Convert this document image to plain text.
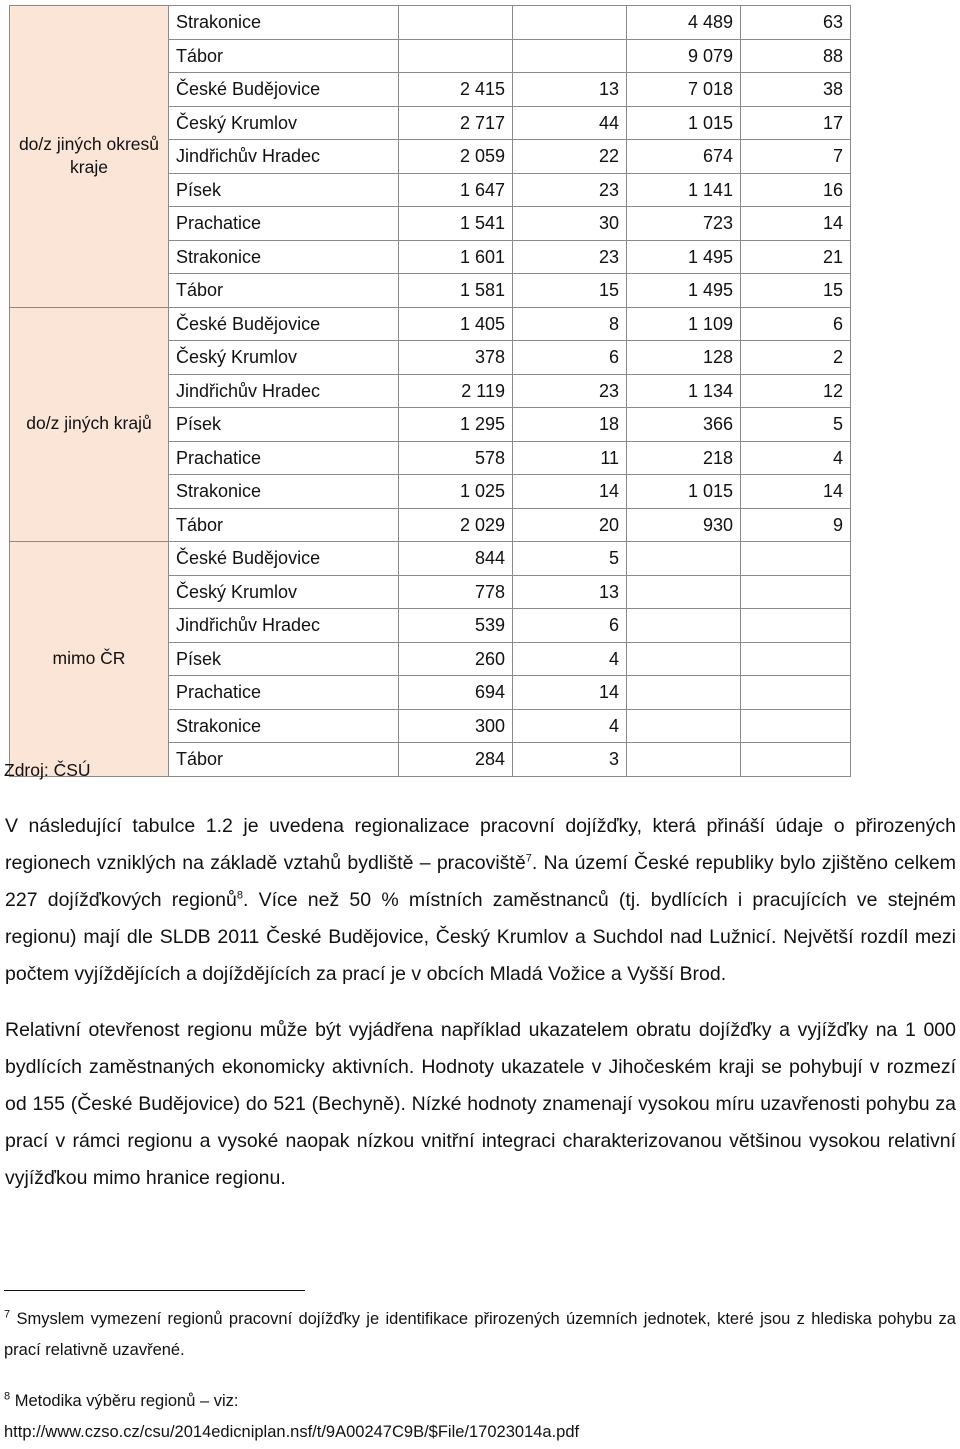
do/z jiných okresů kraje	Strakonice			4 489	63
	Tábor			9 079	88
	České Budějovice	2 415	13	7 018	38
	Český Krumlov	2 717	44	1 015	17
	Jindřichův Hradec	2 059	22	674	7
	Písek	1 647	23	1 141	16
	Prachatice	1 541	30	723	14
	Strakonice	1 601	23	1 495	21
	Tábor	1 581	15	1 495	15
do/z jiných krajů	České Budějovice	1 405	8	1 109	6
	Český Krumlov	378	6	128	2
	Jindřichův Hradec	2 119	23	1 134	12
	Písek	1 295	18	366	5
	Prachatice	578	11	218	4
	Strakonice	1 025	14	1 015	14
	Tábor	2 029	20	930	9
mimo ČR	České Budějovice	844	5		
	Český Krumlov	778	13		
	Jindřichův Hradec	539	6		
	Písek	260	4		
	Prachatice	694	14		
	Strakonice	300	4		
	Tábor	284	3		
Zdroj: ČSÚ
V následující tabulce 1.2 je uvedena regionalizace pracovní dojížďky, která přináší údaje o přirozených regionech vzniklých na základě vztahů bydliště – pracoviště$^7$. Na území České republiky bylo zjištěno celkem 227 dojížďkových regionů$^8$. Více než 50 % místních zaměstnanců (tj. bydlících i pracujících ve stejném regionu) mají dle SLDB 2011 České Budějovice, Český Krumlov a Suchdol nad Lužnicí. Největší rozdíl mezi počtem vyjíždějících a dojíždějících za prací je v obcích Mladá Vožice a Vyšší Brod.
Relativní otevřenost regionu může být vyjádřena například ukazatelem obratu dojížďky a vyjížďky na 1 000 bydlících zaměstnaných ekonomicky aktivních. Hodnoty ukazatele v Jihočeském kraji se pohybují v rozmezí od 155 (České Budějovice) do 521 (Bechyně). Nízké hodnoty znamenají vysokou míru uzavřenosti pohybu za prací v rámci regionu a vysoké naopak nízkou vnitřní integraci charakterizovanou většinou vysokou relativní vyjížďkou mimo hranice regionu.
$^7$ Smyslem vymezení regionů pracovní dojížďky je identifikace přirozených územních jednotek, které jsou z hlediska pohybu za prací relativně uzavřené.
$^8$ Metodika výběru regionů – viz:
http://www.czso.cz/csu/2014edicniplan.nsf/t/9A00247C9B/$File/17023014a.pdf
